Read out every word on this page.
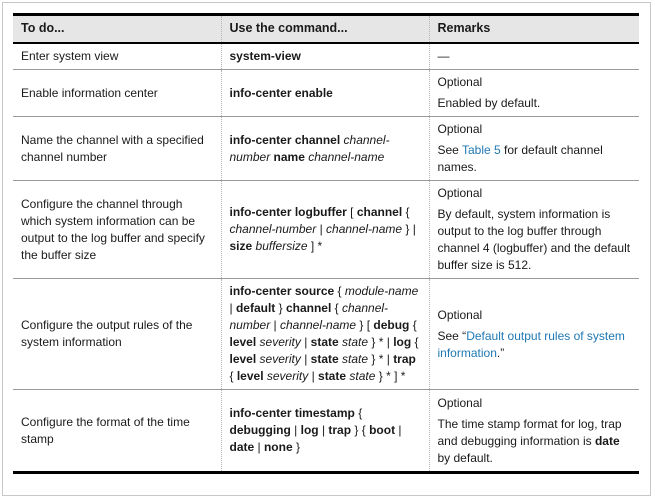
To do...	Use the command...	Remarks
Enter system view	system-view	—

Enable information center	info-center enable	Optional
Enabled by default.

Name the channel with a specified channel number	info-center channel channel-number name channel-name	Optional
See Table 5 for default channel names.

Configure the channel through which system information can be output to the log buffer and specify the buffer size	info-center logbuffer [ channel { channel-number | channel-name } | size buffersize ] *	Optional
By default, system information is output to the log buffer through channel 4 (logbuffer) and the default buffer size is 512.

Configure the output rules of the system information	info-center source { module-name | default } channel { channel-number | channel-name } [ debug { level severity | state state } * | log { level severity | state state } * | trap { level severity | state state } * ] *	Optional
See “Default output rules of system information.”

Configure the format of the time stamp	info-center timestamp { debugging | log | trap } { boot | date | none }	Optional
The time stamp format for log, trap and debugging information is date by default.
